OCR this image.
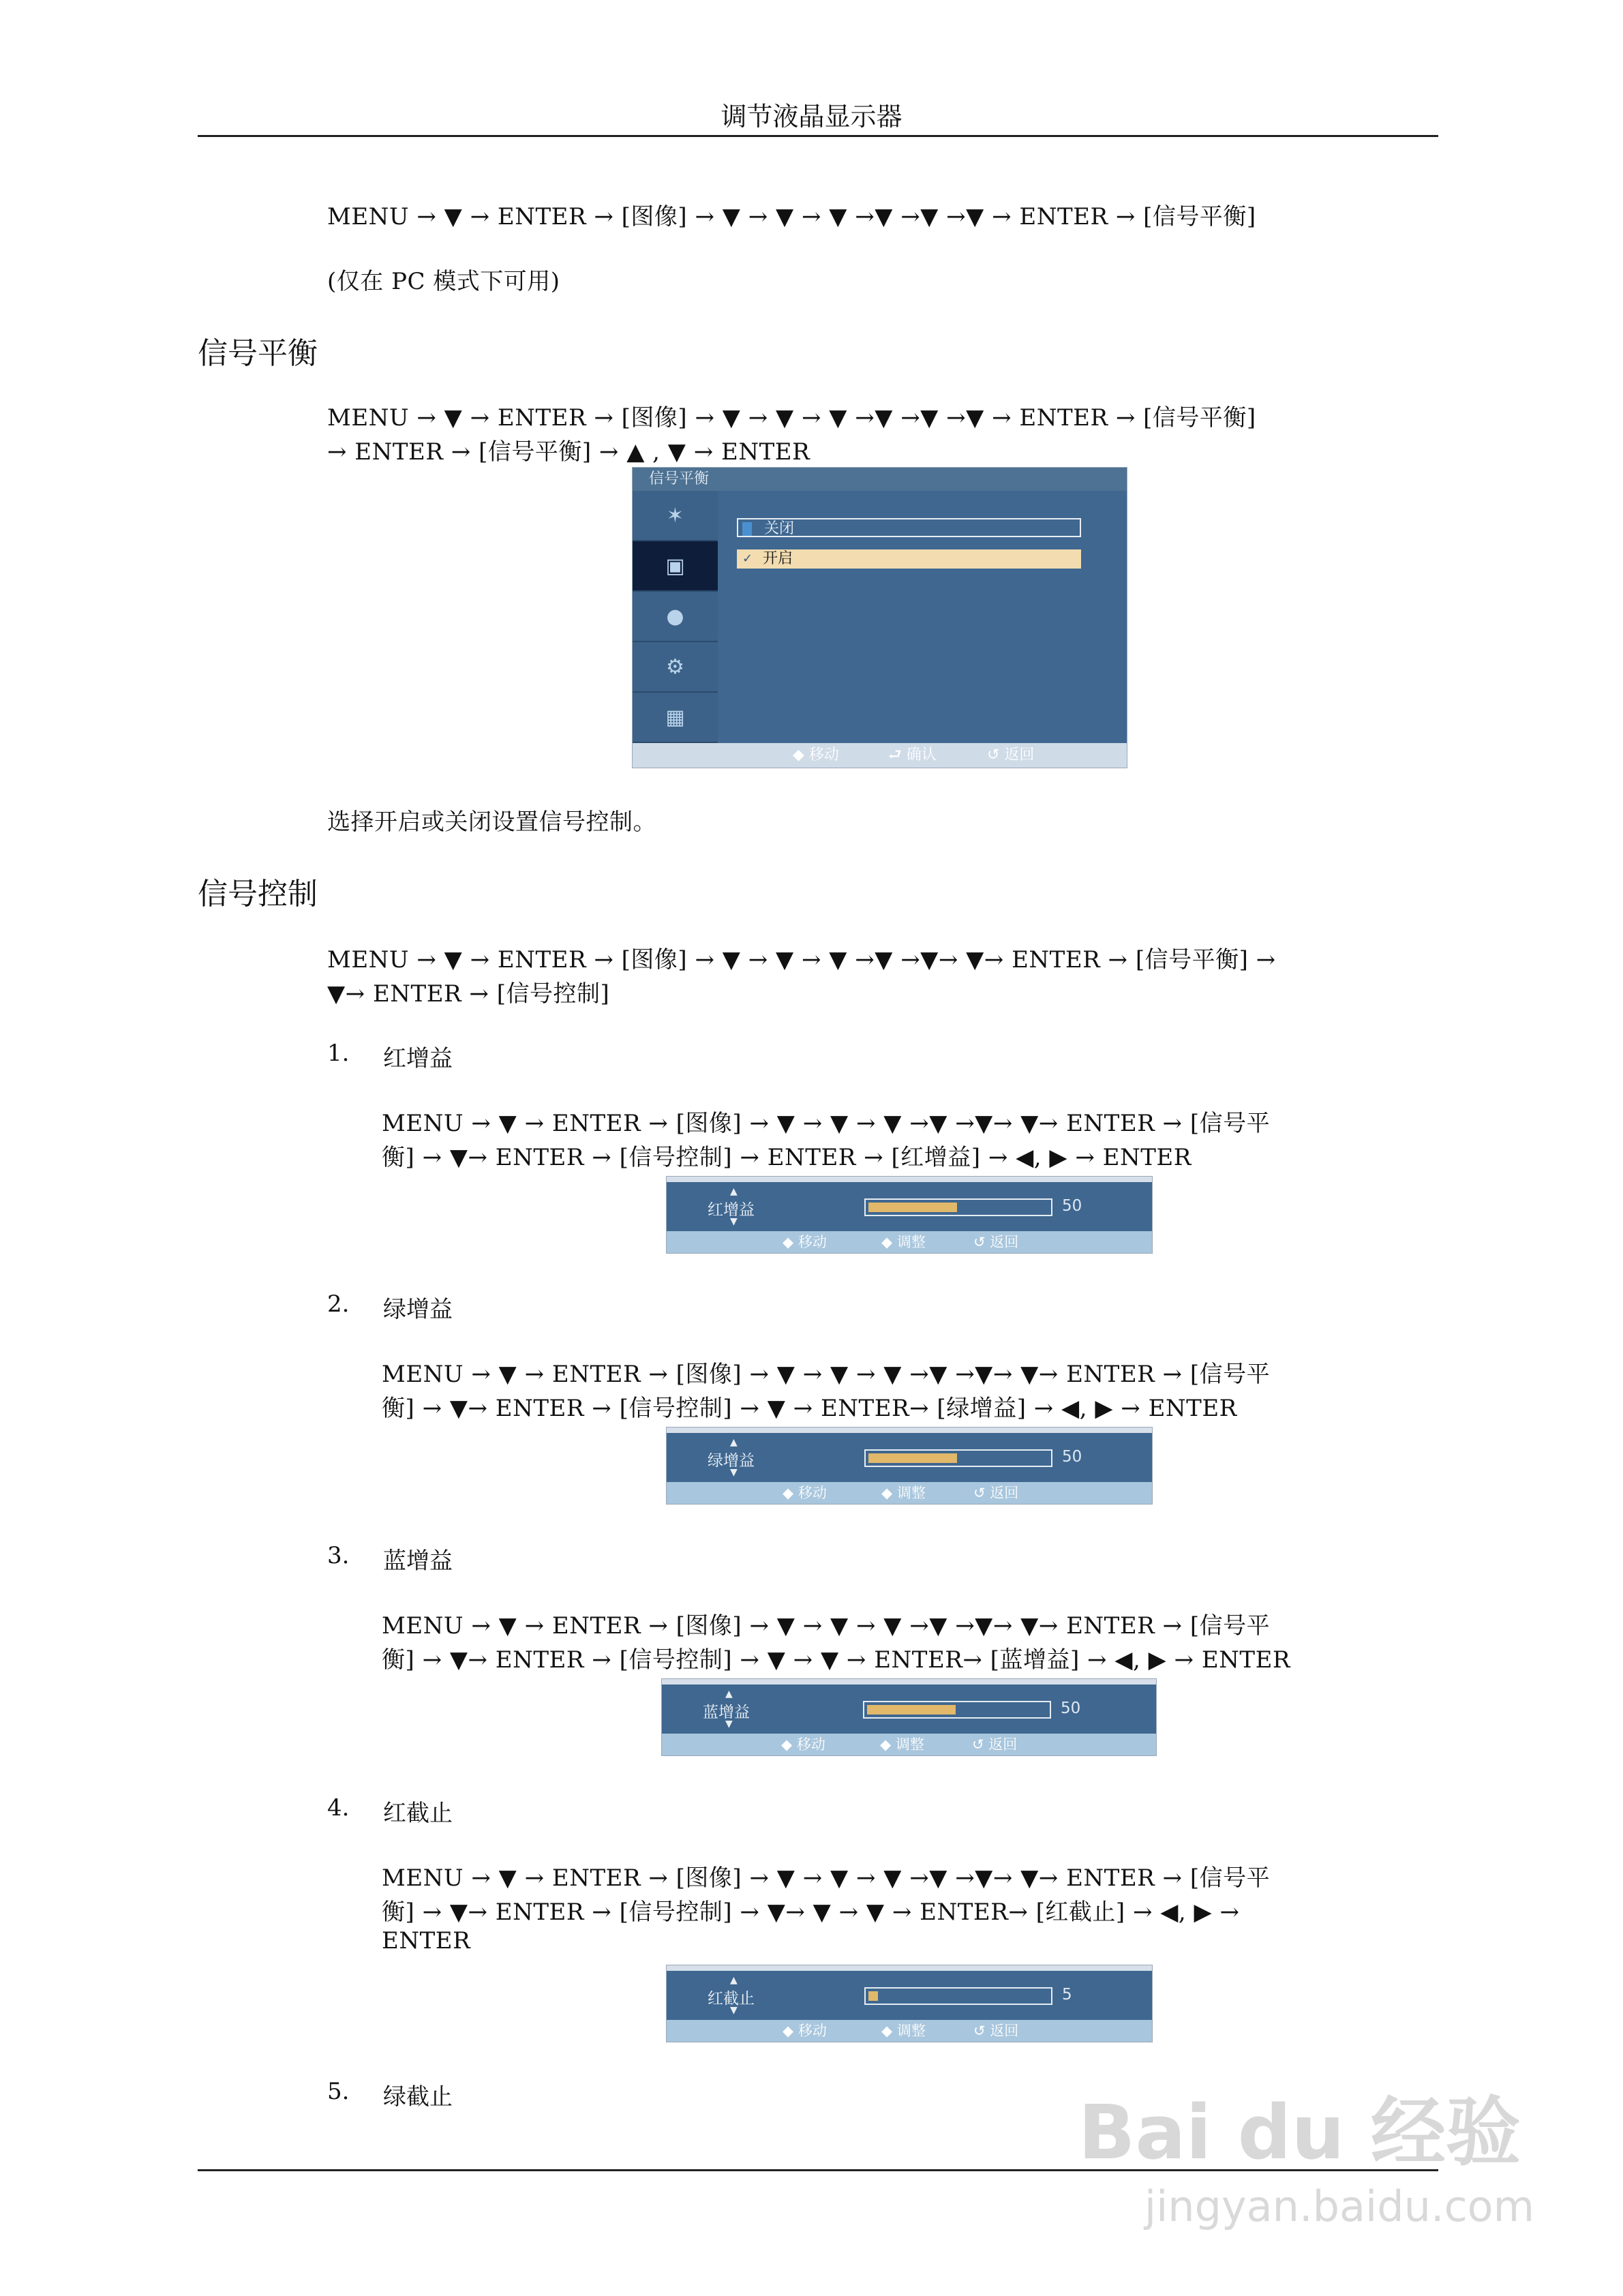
调节液晶显示器
MENU → ▼ → ENTER → [图像] → ▼ → ▼ → ▼ →▼ →▼ →▼ → ENTER → [信号平衡]
(仅在 PC 模式下可用)
信号平衡
MENU → ▼ → ENTER → [图像] → ▼ → ▼ → ▼ →▼ →▼ →▼ → ENTER → [信号平衡]
→ ENTER → [信号平衡] → ▲ , ▼ → ENTER
信号平衡
✶
▣
●
⚙
▦
关闭
✓ 开启
◆ 移动	⮐ 确认	↺ 返回
选择开启或关闭设置信号控制。
信号控制
MENU → ▼ → ENTER → [图像] → ▼ → ▼ → ▼ →▼ →▼→ ▼→ ENTER → [信号平衡] →
▼→ ENTER → [信号控制]
1. 红增益
MENU → ▼ → ENTER → [图像] → ▼ → ▼ → ▼ →▼ →▼→ ▼→ ENTER → [信号平
衡] → ▼→ ENTER → [信号控制] → ENTER → [红增益] → ◀, ▶ → ENTER
▲
红增益
▼
50
◆ 移动	◆ 调整	↺ 返回
2. 绿增益
MENU → ▼ → ENTER → [图像] → ▼ → ▼ → ▼ →▼ →▼→ ▼→ ENTER → [信号平
衡] → ▼→ ENTER → [信号控制] → ▼ → ENTER→ [绿增益] → ◀, ▶ → ENTER
▲
绿增益
▼
50
◆ 移动	◆ 调整	↺ 返回
3. 蓝增益
MENU → ▼ → ENTER → [图像] → ▼ → ▼ → ▼ →▼ →▼→ ▼→ ENTER → [信号平
衡] → ▼→ ENTER → [信号控制] → ▼ → ▼ → ENTER→ [蓝增益] → ◀, ▶ → ENTER
▲
蓝增益
▼
50
◆ 移动	◆ 调整	↺ 返回
4. 红截止
MENU → ▼ → ENTER → [图像] → ▼ → ▼ → ▼ →▼ →▼→ ▼→ ENTER → [信号平
衡] → ▼→ ENTER → [信号控制] → ▼→ ▼ → ▼ → ENTER→ [红截止] → ◀, ▶ →
ENTER
▲
红截止
▼
5
◆ 移动	◆ 调整	↺ 返回
5. 绿截止	Bai du 经验
jingyan.baidu.com
